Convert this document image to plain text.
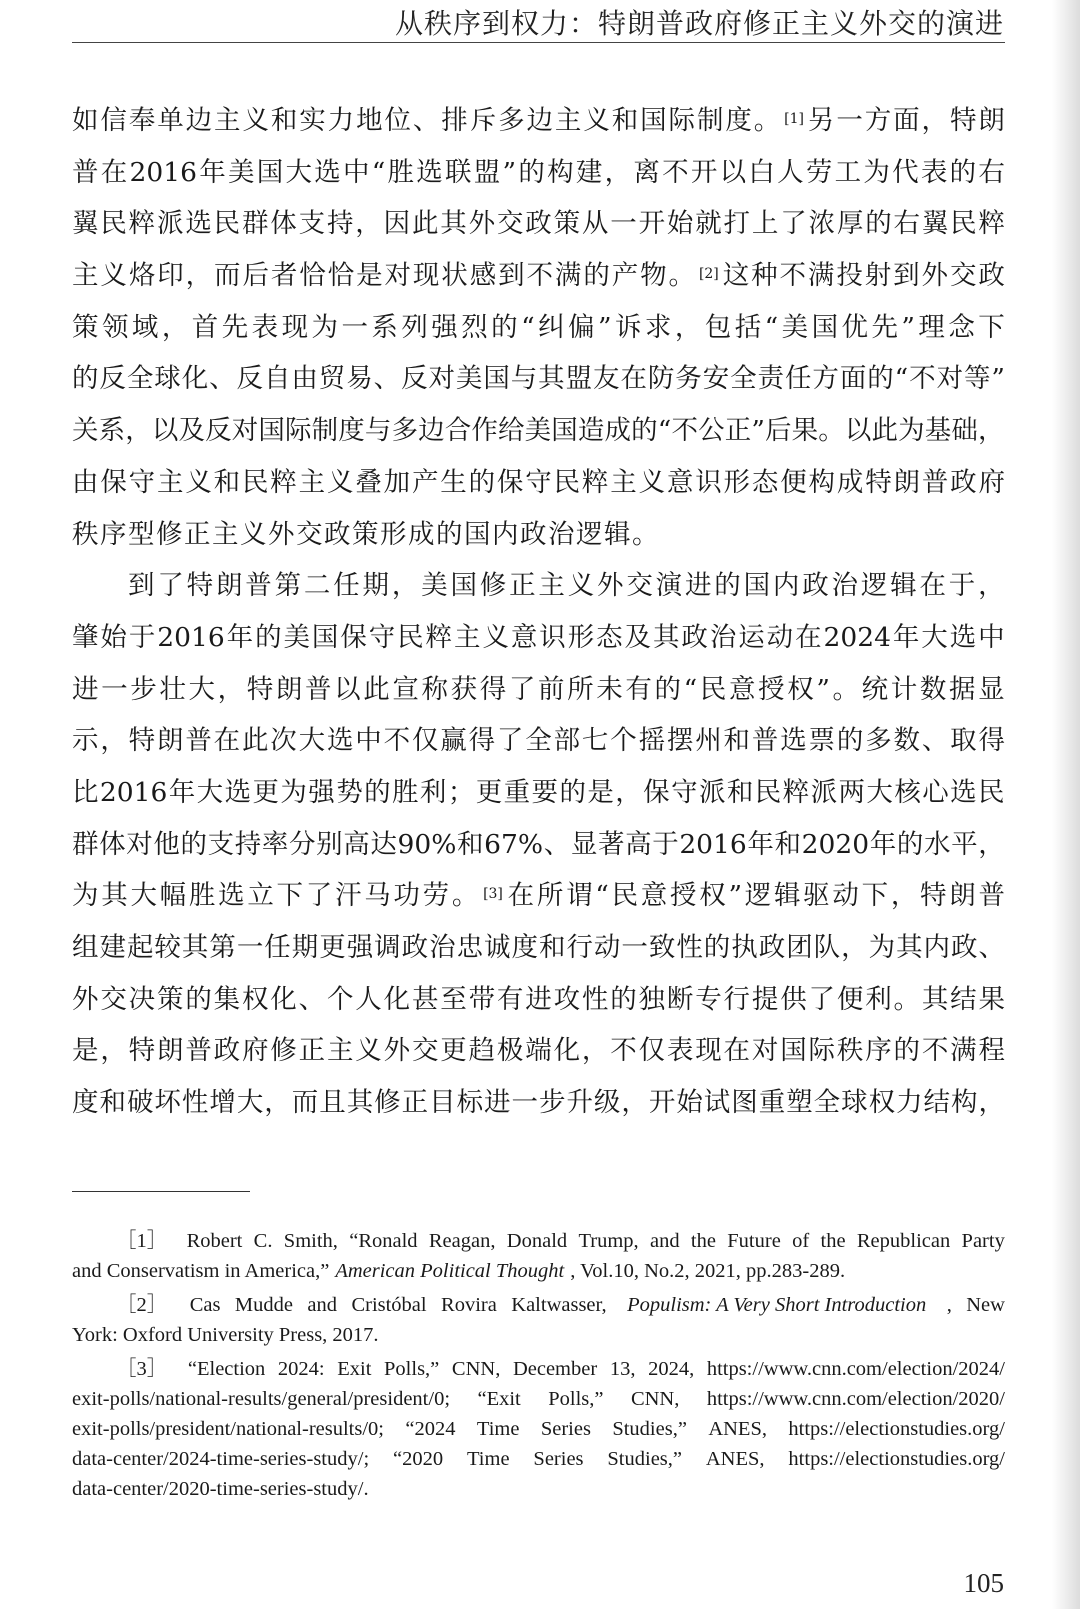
从秩序到权力：特朗普政府修正主义外交的演进
如 信 奉 单 边 主 义 和 实 力 地 位 、 排 斥 多 边 主 义 和 国 际 制 度 。 [1] 另 一 方 面 ， 特 朗
普 在 2016 年 美 国 大 选 中 “ 胜 选 联 盟 ” 的 构 建 ， 离 不 开 以 白 人 劳 工 为 代 表 的 右
翼 民 粹 派 选 民 群 体 支 持 ， 因 此 其 外 交 政 策 从 一 开 始 就 打 上 了 浓 厚 的 右 翼 民 粹
主 义 烙 印 ， 而 后 者 恰 恰 是 对 现 状 感 到 不 满 的 产 物 。 [2] 这 种 不 满 投 射 到 外 交 政
策 领 域 ， 首 先 表 现 为 一 系 列 强 烈 的 “ 纠 偏 ” 诉 求 ， 包 括 “ 美 国 优 先 ” 理 念 下
的 反 全 球 化 、 反 自 由 贸 易 、 反 对 美 国 与 其 盟 友 在 防 务 安 全 责 任 方 面 的 “ 不 对 等 ”
关 系 ， 以 及 反 对 国 际 制 度 与 多 边 合 作 给 美 国 造 成 的 “ 不 公 正 ” 后 果 。 以 此 为 基 础 ，
由 保 守 主 义 和 民 粹 主 义 叠 加 产 生 的 保 守 民 粹 主 义 意 识 形 态 便 构 成 特 朗 普 政 府
秩序型修正主义外交政策形成的国内政治逻辑。
到 了 特 朗 普 第 二 任 期 ， 美 国 修 正 主 义 外 交 演 进 的 国 内 政 治 逻 辑 在 于 ，
肇 始 于 2016 年 的 美 国 保 守 民 粹 主 义 意 识 形 态 及 其 政 治 运 动 在 2024 年 大 选 中
进 一 步 壮 大 ， 特 朗 普 以 此 宣 称 获 得 了 前 所 未 有 的 “ 民 意 授 权 ” 。 统 计 数 据 显
示 ， 特 朗 普 在 此 次 大 选 中 不 仅 赢 得 了 全 部 七 个 摇 摆 州 和 普 选 票 的 多 数 、 取 得
比 2016 年 大 选 更 为 强 势 的 胜 利 ； 更 重 要 的 是 ， 保 守 派 和 民 粹 派 两 大 核 心 选 民
群 体 对 他 的 支 持 率 分 别 高 达 90% 和 67% 、 显 著 高 于 2016 年 和 2020 年 的 水 平 ，
为 其 大 幅 胜 选 立 下 了 汗 马 功 劳 。 [3] 在 所 谓 “ 民 意 授 权 ” 逻 辑 驱 动 下 ， 特 朗 普
组 建 起 较 其 第 一 任 期 更 强 调 政 治 忠 诚 度 和 行 动 一 致 性 的 执 政 团 队 ， 为 其 内 政 、
外 交 决 策 的 集 权 化 、 个 人 化 甚 至 带 有 进 攻 性 的 独 断 专 行 提 供 了 便 利 。 其 结 果
是 ， 特 朗 普 政 府 修 正 主 义 外 交 更 趋 极 端 化 ， 不 仅 表 现 在 对 国 际 秩 序 的 不 满 程
度 和 破 坏 性 增 大 ， 而 且 其 修 正 目 标 进 一 步 升 级 ， 开 始 试 图 重 塑 全 球 权 力 结 构 ，
［1］ Robert C. Smith, “Ronald Reagan, Donald Trump, and the Future of the Republican Party
and Conservatism in America,” American Political Thought , Vol.10, No.2, 2021, pp.283-289.
［2］ Cas Mudde and Cristóbal Rovira Kaltwasser, Populism: A Very Short Introduction , New
York: Oxford University Press, 2017.
［3］ “Election 2024: Exit Polls,” CNN, December 13, 2024, https://www.cnn.com/election/2024/
exit-polls/national-results/general/president/0; “Exit Polls,” CNN, https://www.cnn.com/election/2020/
exit-polls/president/national-results/0; “2024 Time Series Studies,” ANES, https://electionstudies.org/
data-center/2024-time-series-study/; “2020 Time Series Studies,” ANES, https://electionstudies.org/
data-center/2020-time-series-study/.
105
